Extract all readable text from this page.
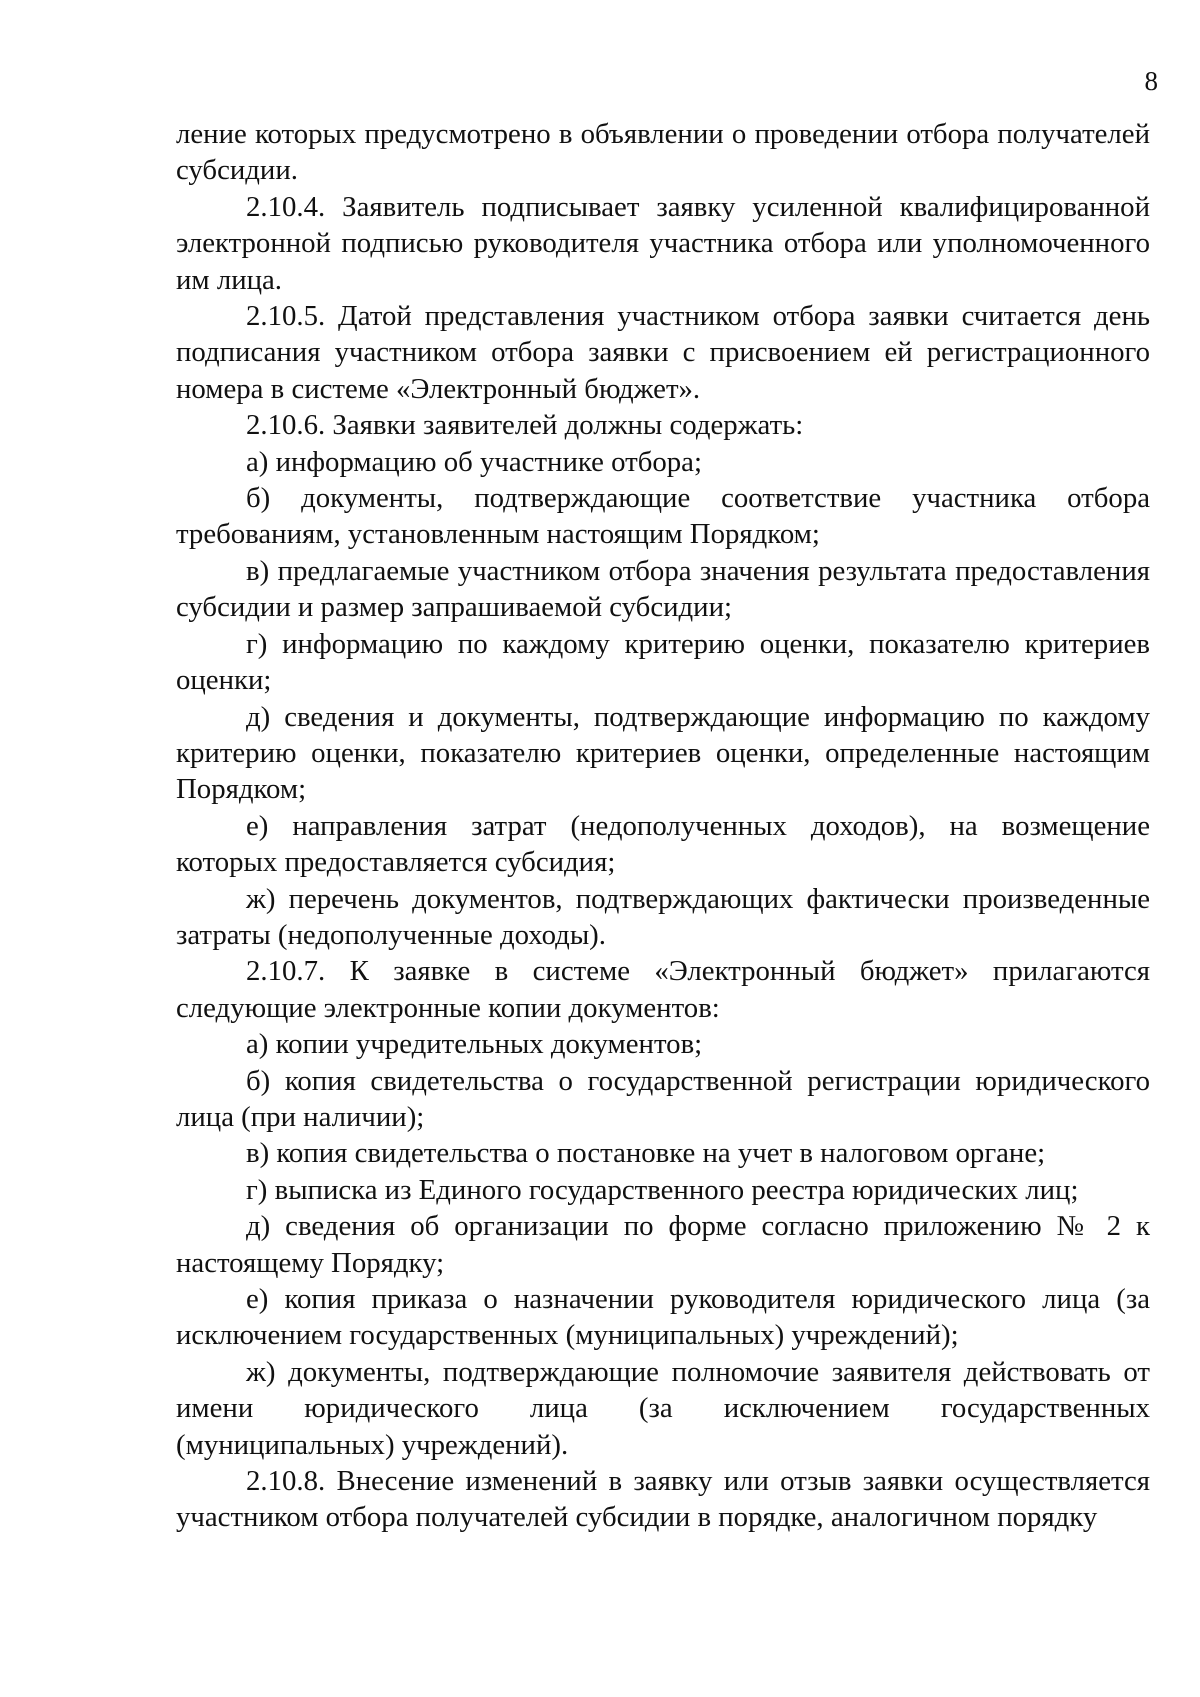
8

ление которых предусмотрено в объявлении о проведении отбора получателей субсидии.

2.10.4. Заявитель подписывает заявку усиленной квалифицированной электронной подписью руководителя участника отбора или уполномоченного им лица.

2.10.5. Датой представления участником отбора заявки считается день подписания участником отбора заявки с присвоением ей регистрационного номера в системе «Электронный бюджет».

2.10.6. Заявки заявителей должны содержать:

а) информацию об участнике отбора;

б) документы, подтверждающие соответствие участника отбора требованиям, установленным настоящим Порядком;

в) предлагаемые участником отбора значения результата предоставления субсидии и размер запрашиваемой субсидии;

г) информацию по каждому критерию оценки, показателю критериев оценки;

д) сведения и документы, подтверждающие информацию по каждому критерию оценки, показателю критериев оценки, определенные настоящим Порядком;

е) направления затрат (недополученных доходов), на возмещение которых предоставляется субсидия;

ж) перечень документов, подтверждающих фактически произведенные затраты (недополученные доходы).

2.10.7. К заявке в системе «Электронный бюджет» прилагаются следующие электронные копии документов:

а) копии учредительных документов;

б) копия свидетельства о государственной регистрации юридического лица (при наличии);

в) копия свидетельства о постановке на учет в налоговом органе;

г) выписка из Единого государственного реестра юридических лиц;

д) сведения об организации по форме согласно приложению № 2 к настоящему Порядку;

е) копия приказа о назначении руководителя юридического лица (за исключением государственных (муниципальных) учреждений);

ж) документы, подтверждающие полномочие заявителя действовать от имени юридического лица (за исключением государственных (муниципальных) учреждений).

2.10.8. Внесение изменений в заявку или отзыв заявки осуществляется участником отбора получателей субсидии в порядке, аналогичном порядку
